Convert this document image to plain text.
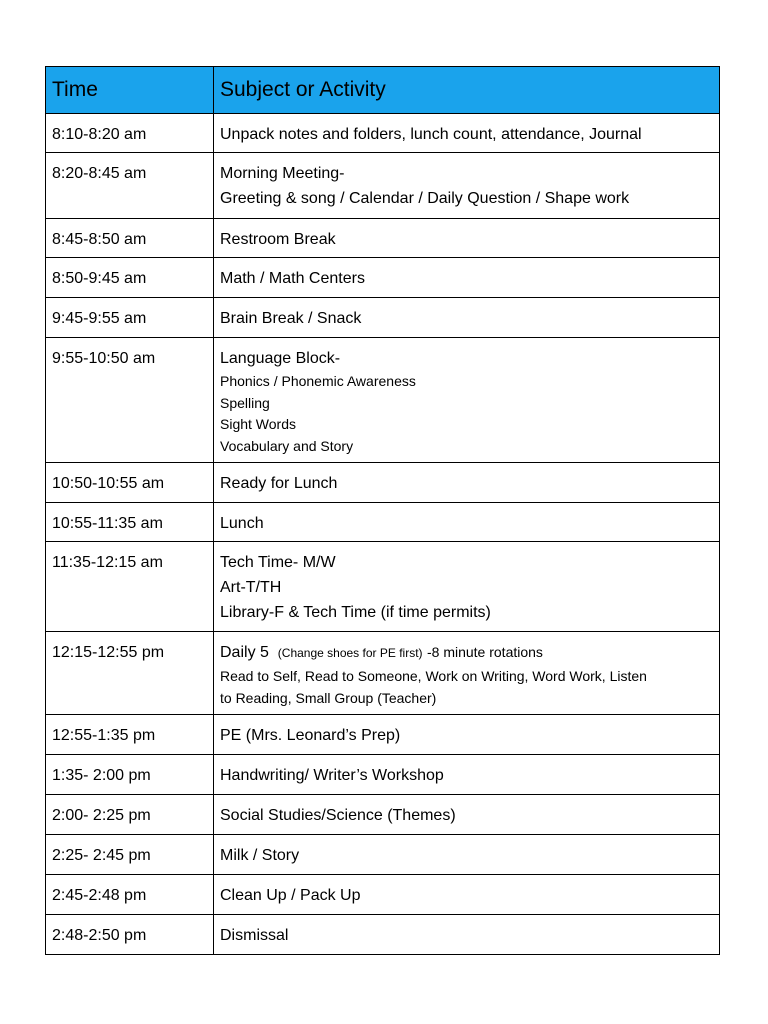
Time	Subject or Activity
8:10-8:20 am	Unpack notes and folders, lunch count, attendance, Journal
8:20-8:45 am	Morning Meeting-
Greeting & song / Calendar / Daily Question / Shape work

8:45-8:50 am	Restroom Break
8:50-9:45 am	Math / Math Centers
9:45-9:55 am	Brain Break / Snack
9:55-10:50 am	Language Block-
Phonics / Phonemic Awareness
Spelling
Sight Words
Vocabulary and Story

10:50-10:55 am	Ready for Lunch
10:55-11:35 am	Lunch
11:35-12:15 am	Tech Time- M/W
Art-T/TH
Library-F & Tech Time (if time permits)

12:15-12:55 pm	Daily 5 (Change shoes for PE first) -8 minute rotations
Read to Self, Read to Someone, Work on Writing, Word Work, Listen
to Reading, Small Group (Teacher)

12:55-1:35 pm	PE (Mrs. Leonard’s Prep)
1:35- 2:00 pm	Handwriting/ Writer’s Workshop
2:00- 2:25 pm	Social Studies/Science (Themes)
2:25- 2:45 pm	Milk / Story
2:45-2:48 pm	Clean Up / Pack Up
2:48-2:50 pm	Dismissal
